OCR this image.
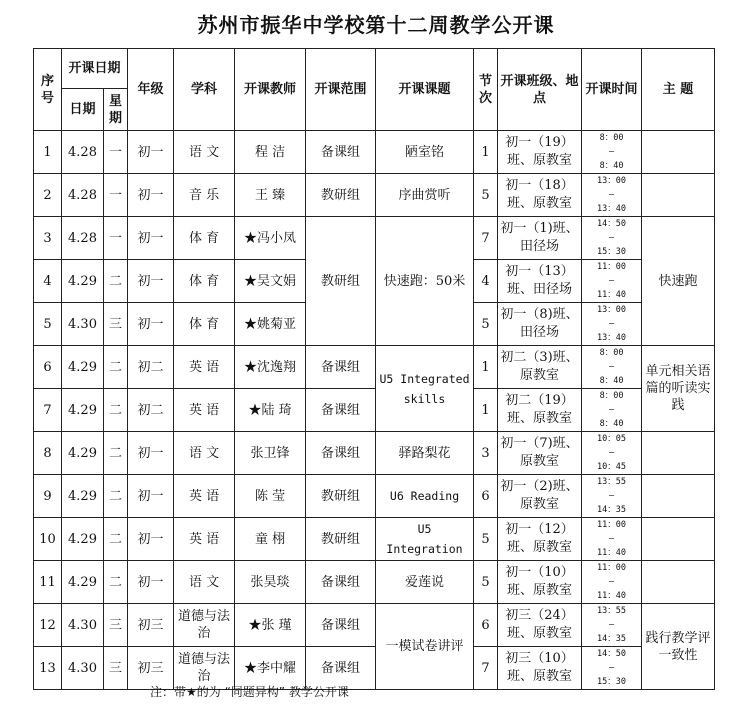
苏州市振华中学校第十二周教学公开课
序号	开课日期		年级	学科	开课教师	开课范围	开课课题	节次	开课班级、地点	开课时间	主 题
	日期	星期									
1	4.28	一	初一	语 文	程 洁	备课组	陋室铭	1	初一（19）班、原教室	8：00
–
8：40	

2	4.28	一	初一	音 乐	王 臻	教研组	序曲赏听	5	初一（18）班、原教室	13：00
–
13：40	

3	4.28	一	初一	体 育	★冯小凤	教研组	快速跑：50米	7	初一（1)班、田径场	14：50
–
15：30	快速跑
4	4.29	二	初一	体 育	★吴文娟			4	初一（13）班、田径场	11：00
–
11：40	

5	4.30	三	初一	体 育	★姚菊亚			5	初一（8)班、田径场	13：00
–
13：40	

6	4.29	二	初二	英 语	★沈逸翔	备课组	U5 Integrated skills	1	初二（3)班、原教室	8：00
–
8：40	单元相关语篇的听读实践
7	4.29	二	初二	英 语	★陆 琦	备课组		1	初二（19）班、原教室	8：00
–
8：40	

8	4.29	二	初一	语 文	张卫锋	备课组	驿路梨花	3	初一（7)班、原教室	10：05
–
10：45	

9	4.29	二	初一	英 语	陈 莹	教研组	U6 Reading	6	初一（2)班、原教室	13：55
–
14：35	

10	4.29	二	初一	英 语	童 栩	教研组	U5 Integration	5	初一（12）班、原教室	11：00
–
11：40	

11	4.29	二	初一	语 文	张昊琰	备课组	爱莲说	5	初一（10）班、原教室	11：00
–
11：40	

12	4.30	三	初三	道德与法治	★张 瑾	备课组	一模试卷讲评	6	初三（24）班、原教室	13：55
–
14：35	践行教学评一致性
13	4.30	三	初三	道德与法治	★李中耀	备课组		7	初三（10）班、原教室	14：50
–
15：30	
注：带★的为 “同题异构” 教学公开课
